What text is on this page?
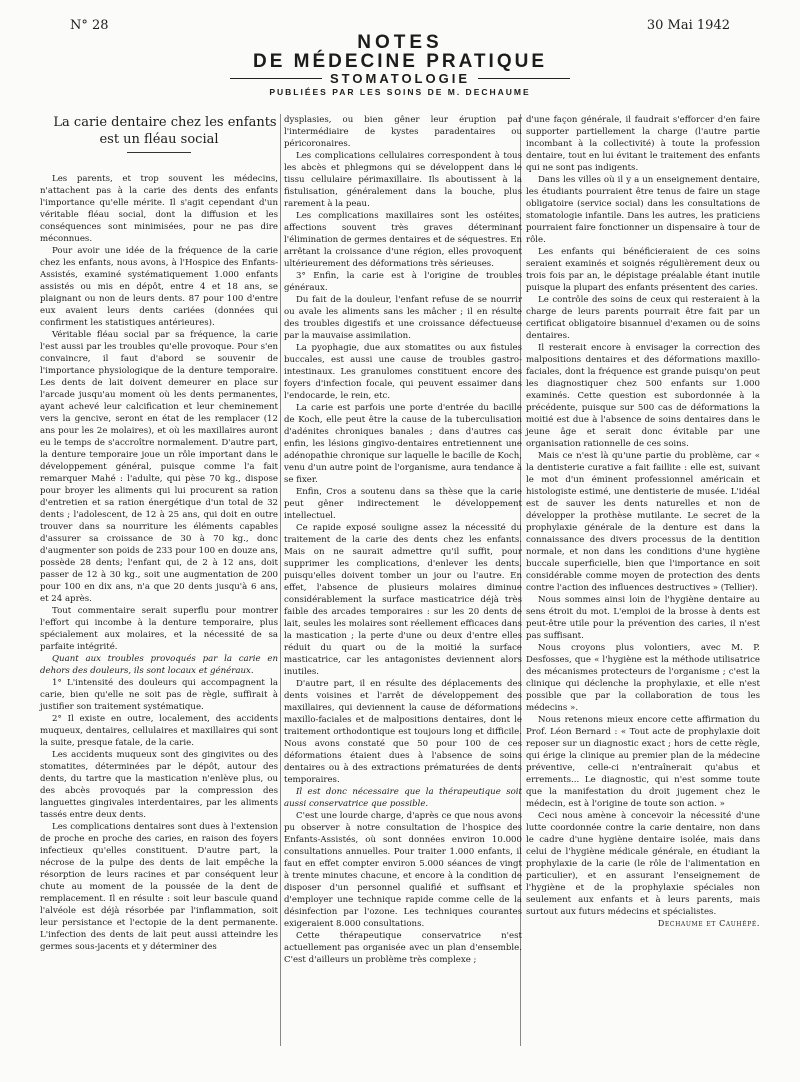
N° 28	30 Mai 1942
NOTES
DE MÉDECINE PRATIQUE
STOMATOLOGIE
PUBLIÉES PAR LES SOINS DE M. DECHAUME

La carie dentaire chez les enfants est un fléau social

Les parents, et trop souvent les médecins, n'attachent pas à la carie des dents des enfants l'importance qu'elle mérite. Il s'agit cependant d'un véritable fléau social, dont la diffusion et les conséquences sont minimisées, pour ne pas dire méconnues.

Pour avoir une idée de la fréquence de la carie chez les enfants, nous avons, à l'Hospice des Enfants-Assistés, examiné systématiquement 1.000 enfants assistés ou mis en dépôt, entre 4 et 18 ans, se plaignant ou non de leurs dents. 87 pour 100 d'entre eux avaient leurs dents cariées (données qui confirment les statistiques antérieures).

Véritable fléau social par sa fréquence, la carie l'est aussi par les troubles qu'elle provoque. Pour s'en convaincre, il faut d'abord se souvenir de l'importance physiologique de la denture temporaire. Les dents de lait doivent demeurer en place sur l'arcade jusqu'au moment où les dents permanentes, ayant achevé leur calcification et leur cheminement vers la gencive, seront en état de les remplacer (12 ans pour les 2e molaires), et où les maxillaires auront eu le temps de s'accroître normalement. D'autre part, la denture temporaire joue un rôle important dans le développement général, puisque comme l'a fait remarquer Mahé : l'adulte, qui pèse 70 kg., dispose pour broyer les aliments qui lui procurent sa ration d'entretien et sa ration énergétique d'un total de 32 dents ; l'adolescent, de 12 à 25 ans, qui doit en outre trouver dans sa nourriture les éléments capables d'assurer sa croissance de 30 à 70 kg., donc d'augmenter son poids de 233 pour 100 en douze ans, possède 28 dents; l'enfant qui, de 2 à 12 ans, doit passer de 12 à 30 kg., soit une augmentation de 200 pour 100 en dix ans, n'a que 20 dents jusqu'à 6 ans, et 24 après.

Tout commentaire serait superflu pour montrer l'effort qui incombe à la denture temporaire, plus spécialement aux molaires, et la nécessité de sa parfaite intégrité.

Quant aux troubles provoqués par la carie en dehors des douleurs, ils sont locaux et généraux.

1° L'intensité des douleurs qui accompagnent la carie, bien qu'elle ne soit pas de règle, suffirait à justifier son traitement systématique.

2° Il existe en outre, localement, des accidents muqueux, dentaires, cellulaires et maxillaires qui sont la suite, presque fatale, de la carie.

Les accidents muqueux sont des gingivites ou des stomatites, déterminées par le dépôt, autour des dents, du tartre que la mastication n'enlève plus, ou des abcès provoqués par la compression des languettes gingivales interdentaires, par les aliments tassés entre deux dents.

Les complications dentaires sont dues à l'extension de proche en proche des caries, en raison des foyers infectieux qu'elles constituent. D'autre part, la nécrose de la pulpe des dents de lait empêche la résorption de leurs racines et par conséquent leur chute au moment de la poussée de la dent de remplacement. Il en résulte : soit leur bascule quand l'alvéole est déjà résorbée par l'inflammation, soit leur persistance et l'ectopie de la dent permanente. L'infection des dents de lait peut aussi atteindre les germes sous-jacents et y déterminer des

dysplasies, ou bien gêner leur éruption par l'intermédiaire de kystes paradentaires ou péricoronaires.

Les complications cellulaires correspondent à tous les abcès et phlegmons qui se développent dans le tissu cellulaire périmaxillaire. Ils aboutissent à la fistulisation, généralement dans la bouche, plus rarement à la peau.

Les complications maxillaires sont les ostéites, affections souvent très graves déterminant l'élimination de germes dentaires et de séquestres. En arrêtant la croissance d'une région, elles provoquent ultérieurement des déformations très sérieuses.

3° Enfin, la carie est à l'origine de troubles généraux.

Du fait de la douleur, l'enfant refuse de se nourrir ou avale les aliments sans les mâcher ; il en résulte des troubles digestifs et une croissance défectueuse par la mauvaise assimilation.

La pyophagie, due aux stomatites ou aux fistules buccales, est aussi une cause de troubles gastro-intestinaux. Les granulomes constituent encore des foyers d'infection focale, qui peuvent essaimer dans l'endocarde, le rein, etc.

La carie est parfois une porte d'entrée du bacille de Koch, elle peut être la cause de la tuberculisation d'adénites chroniques banales ; dans d'autres cas enfin, les lésions gingivo-dentaires entretiennent une adénopathie chronique sur laquelle le bacille de Koch, venu d'un autre point de l'organisme, aura tendance à se fixer.

Enfin, Cros a soutenu dans sa thèse que la carie peut gêner indirectement le développement intellectuel.

Ce rapide exposé souligne assez la nécessité du traitement de la carie des dents chez les enfants. Mais on ne saurait admettre qu'il suffit, pour supprimer les complications, d'enlever les dents, puisqu'elles doivent tomber un jour ou l'autre. En effet, l'absence de plusieurs molaires diminue considérablement la surface masticatrice déjà très faible des arcades temporaires : sur les 20 dents de lait, seules les molaires sont réellement efficaces dans la mastication ; la perte d'une ou deux d'entre elles réduit du quart ou de la moitié la surface masticatrice, car les antagonistes deviennent alors inutiles.

D'autre part, il en résulte des déplacements des dents voisines et l'arrêt de développement des maxillaires, qui deviennent la cause de déformations maxillo-faciales et de malpositions dentaires, dont le traitement orthodontique est toujours long et difficile. Nous avons constaté que 50 pour 100 de ces déformations étaient dues à l'absence de soins dentaires ou à des extractions prématurées de dents temporaires.

Il est donc nécessaire que la thérapeutique soit aussi conservatrice que possible.

C'est une lourde charge, d'après ce que nous avons pu observer à notre consultation de l'hospice des Enfants-Assistés, où sont données environ 10.000 consultations annuelles. Pour traiter 1.000 enfants, il faut en effet compter environ 5.000 séances de vingt à trente minutes chacune, et encore à la condition de disposer d'un personnel qualifié et suffisant et d'employer une technique rapide comme celle de la désinfection par l'ozone. Les techniques courantes exigeraient 8.000 consultations.

Cette thérapeutique conservatrice n'est actuellement pas organisée avec un plan d'ensemble. C'est d'ailleurs un problème très complexe ;

d'une façon générale, il faudrait s'efforcer d'en faire supporter partiellement la charge (l'autre partie incombant à la collectivité) à toute la profession dentaire, tout en lui évitant le traitement des enfants qui ne sont pas indigents.

Dans les villes où il y a un enseignement dentaire, les étudiants pourraient être tenus de faire un stage obligatoire (service social) dans les consultations de stomatologie infantile. Dans les autres, les praticiens pourraient faire fonctionner un dispensaire à tour de rôle.

Les enfants qui bénéficieraient de ces soins seraient examinés et soignés régulièrement deux ou trois fois par an, le dépistage préalable étant inutile puisque la plupart des enfants présentent des caries.

Le contrôle des soins de ceux qui resteraient à la charge de leurs parents pourrait être fait par un certificat obligatoire bisannuel d'examen ou de soins dentaires.

Il resterait encore à envisager la correction des malpositions dentaires et des déformations maxillo-faciales, dont la fréquence est grande puisqu'on peut les diagnostiquer chez 500 enfants sur 1.000 examinés. Cette question est subordonnée à la précédente, puisque sur 500 cas de déformations la moitié est due à l'absence de soins dentaires dans le jeune âge et serait donc évitable par une organisation rationnelle de ces soins.

Mais ce n'est là qu'une partie du problème, car « la dentisterie curative a fait faillite : elle est, suivant le mot d'un éminent professionnel américain et histologiste estimé, une dentisterie de musée. L'idéal est de sauver les dents naturelles et non de développer la prothèse mutilante. Le secret de la prophylaxie générale de la denture est dans la connaissance des divers processus de la dentition normale, et non dans les conditions d'une hygiène buccale superficielle, bien que l'importance en soit considérable comme moyen de protection des dents contre l'action des influences destructives » (Tellier).

Nous sommes ainsi loin de l'hygiène dentaire au sens étroit du mot. L'emploi de la brosse à dents est peut-être utile pour la prévention des caries, il n'est pas suffisant.

Nous croyons plus volontiers, avec M. P. Desfosses, que « l'hygiène est la méthode utilisatrice des mécanismes protecteurs de l'organisme ; c'est la clinique qui déclenche la prophylaxie, et elle n'est possible que par la collaboration de tous les médecins ».

Nous retenons mieux encore cette affirmation du Prof. Léon Bernard : « Tout acte de prophylaxie doit reposer sur un diagnostic exact ; hors de cette règle, qui érige la clinique au premier plan de la médecine préventive, celle-ci n'entraînerait qu'abus et errements... Le diagnostic, qui n'est somme toute que la manifestation du droit jugement chez le médecin, est à l'origine de toute son action. »

Ceci nous amène à concevoir la nécessité d'une lutte coordonnée contre la carie dentaire, non dans le cadre d'une hygiène dentaire isolée, mais dans celui de l'hygiène médicale générale, en étudiant la prophylaxie de la carie (le rôle de l'alimentation en particulier), et en assurant l'enseignement de l'hygiène et de la prophylaxie spéciales non seulement aux enfants et à leurs parents, mais surtout aux futurs médecins et spécialistes.

Dechaume et Cauhépé.
